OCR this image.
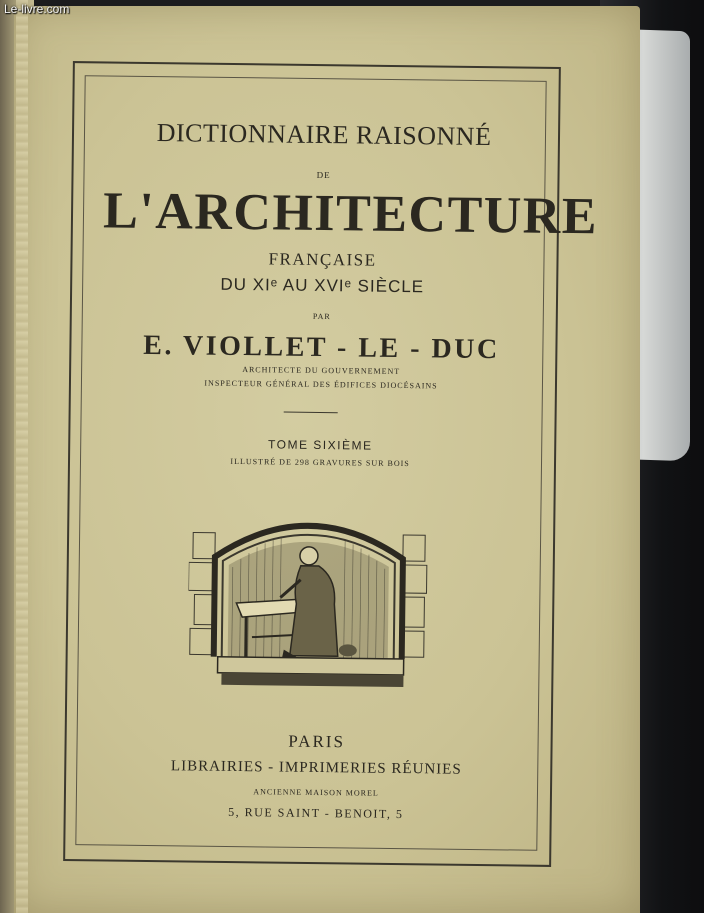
DICTIONNAIRE RAISONNÉ
DE
L'ARCHITECTURE
FRANÇAISE
DU XIᵉ AU XVIᵉ SIÈCLE
PAR
E. VIOLLET - LE - DUC
ARCHITECTE DU GOUVERNEMENT
INSPECTEUR GÉNÉRAL DES ÉDIFICES DIOCÉSAINS
TOME SIXIÈME
ILLUSTRÉ DE 298 GRAVURES SUR BOIS
PARIS
LIBRAIRIES - IMPRIMERIES RÉUNIES
ANCIENNE MAISON MOREL
5, RUE SAINT - BENOIT, 5
Le-livre.com
